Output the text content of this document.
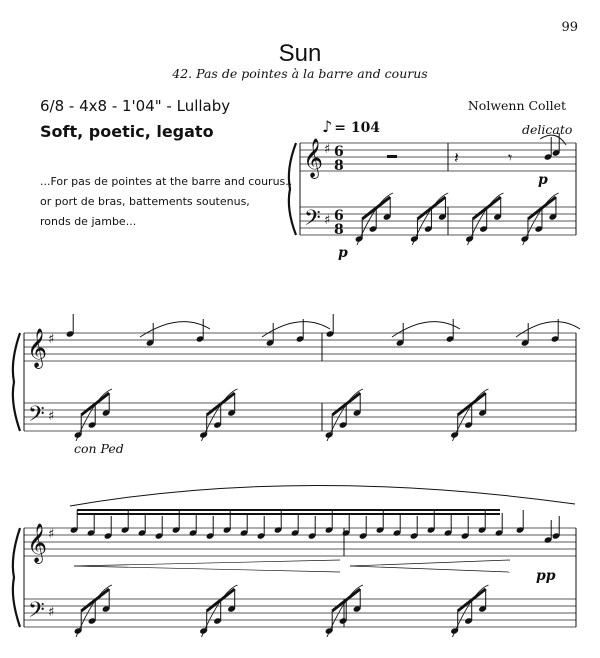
99
Sun
42. Pas de pointes à la barre and courus
6/8 - 4x8 - 1'04" - Lullaby	Nolwenn Collet
Soft, poetic, legato
...For pas de pointes at the barre and courus..
or port de bras, battements soutenus,
ronds de jambe...
♪ = 104	delicato
p
p
con Ped
pp
𝄞
𝄢
♯
♯
6
8
6
8
𝄽	𝄾
𝄞
𝄢
♯
♯
𝄞
𝄢
♯
♯
